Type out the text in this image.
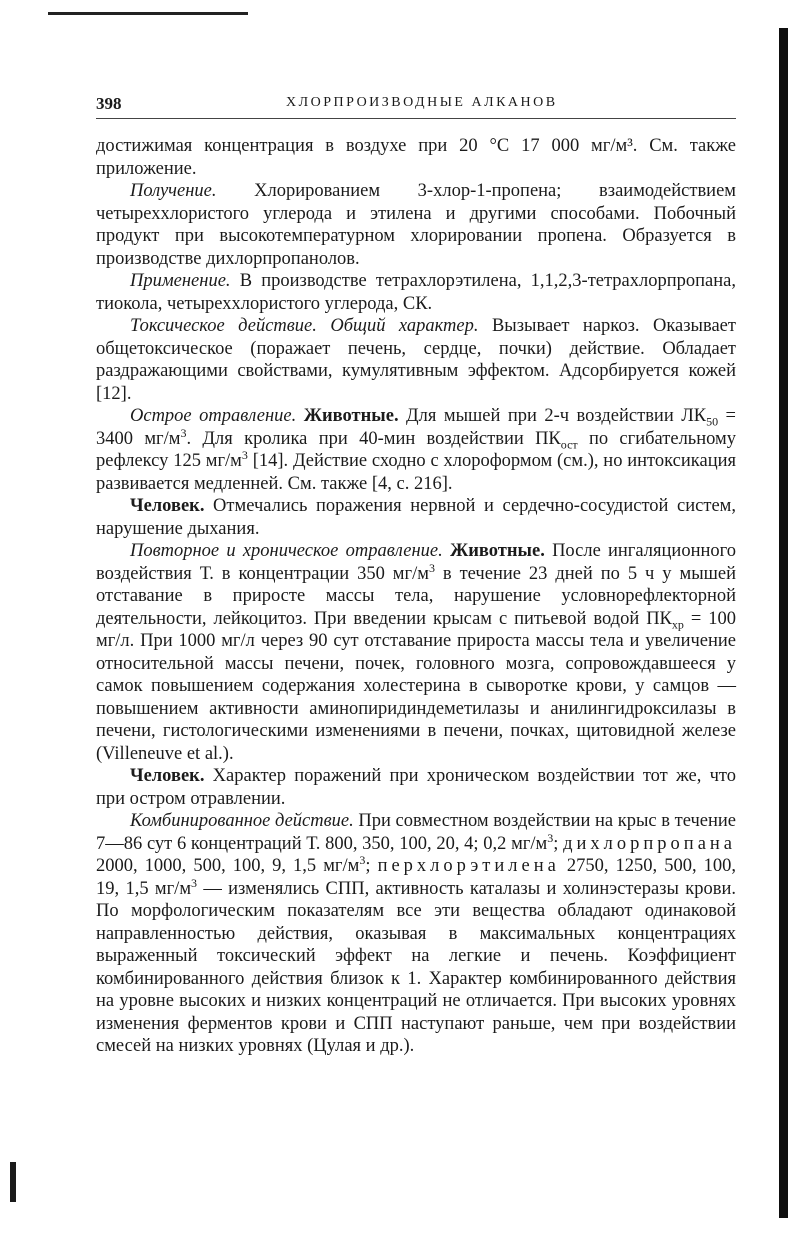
398	ХЛОРПРОИЗВОДНЫЕ АЛКАНОВ

достижимая концентрация в воздухе при 20 °С 17 000 мг/м³. См. также приложение.

Получение. Хлорированием 3-хлор-1-пропена; взаимодействием четыреххлористого углерода и этилена и другими способами. Побочный продукт при высокотемпературном хлорировании пропена. Образуется в производстве дихлорпропанолов.

Применение. В производстве тетрахлорэтилена, 1,1,2,3-тетрахлорпропана, тиокола, четыреххлористого углерода, СК.

Токсическое действие. Общий характер. Вызывает наркоз. Оказывает общетоксическое (поражает печень, сердце, почки) действие. Обладает раздражающими свойствами, кумулятивным эффектом. Адсорбируется кожей [12].

Острое отравление. Животные. Для мышей при 2-ч воздействии $ЛК_{50} = 3400$ $мг/м^3$. Для кролика при 40-мин воздействии $ПК_{ост}$ по сгибательному рефлексу 125 $мг/м^3$ [14]. Действие сходно с хлороформом (см.), но интоксикация развивается медленней. См. также [4, с. 216].

Человек. Отмечались поражения нервной и сердечно-сосудистой систем, нарушение дыхания.

Повторное и хроническое отравление. Животные. После ингаляционного воздействия Т. в концентрации 350 $мг/м^3$ в течение 23 дней по 5 ч у мышей отставание в приросте массы тела, нарушение условнорефлекторной деятельности, лейкоцитоз. При введении крысам с питьевой водой $ПК_{хр} = 100$ мг/л. При 1000 мг/л через 90 сут отставание прироста массы тела и увеличение относительной массы печени, почек, головного мозга, сопровождавшееся у самок повышением содержания холестерина в сыворотке крови, у самцов — повышением активности аминопиридиндеметилазы и анилингидроксилазы в печени, гистологическими изменениями в печени, почках, щитовидной железе (Villeneuve et al.).

Человек. Характер поражений при хроническом воздействии тот же, что при остром отравлении.

Комбинированное действие. При совместном воздействии на крыс в течение 7—86 сут 6 концентраций Т. 800, 350, 100, 20, 4; 0,2 $мг/м^3$; дихлорпропана 2000, 1000, 500, 100, 9, 1,5 $мг/м^3$; перхлорэтилена 2750, 1250, 500, 100, 19, 1,5 $мг/м^3$ — изменялись СПП, активность каталазы и холинэстеразы крови. По морфологическим показателям все эти вещества обладают одинаковой направленностью действия, оказывая в максимальных концентрациях выраженный токсический эффект на легкие и печень. Коэффициент комбинированного действия близок к 1. Характер комбинированного действия на уровне высоких и низких концентраций не отличается. При высоких уровнях изменения ферментов крови и СПП наступают раньше, чем при воздействии смесей на низких уровнях (Цулая и др.).
